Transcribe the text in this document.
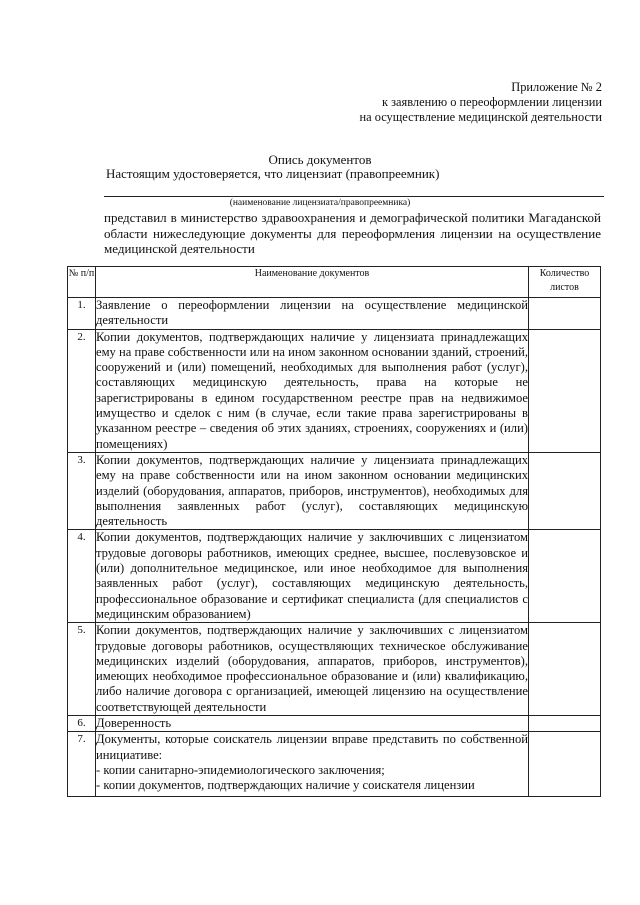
Приложение № 2
к заявлению о переоформлении лицензии
на осуществление медицинской деятельности
Опись документов
Настоящим удостоверяется, что лицензиат (правопреемник)
(наименование лицензиата/правопреемника)
представил в министерство здравоохранения и демографической политики Магаданской области нижеследующие документы для переоформления лицензии на осуществление медицинской деятельности
№ п/п	Наименование документов	Количество листов
1.	Заявление о переоформлении лицензии на осуществление медицинской деятельности	
2.	Копии документов, подтверждающих наличие у лицензиата принадлежащих ему на праве собственности или на ином законном основании зданий, строений, сооружений и (или) помещений, необходимых для выполнения работ (услуг), составляющих медицинскую деятельность, права на которые не зарегистрированы в едином государственном реестре прав на недвижимое имущество и сделок с ним (в случае, если такие права зарегистрированы в указанном реестре – сведения об этих зданиях, строениях, сооружениях и (или) помещениях)	
3.	Копии документов, подтверждающих наличие у лицензиата принадлежащих ему на праве собственности или на ином законном основании медицинских изделий (оборудования, аппаратов, приборов, инструментов), необходимых для выполнения заявленных работ (услуг), составляющих медицинскую деятельность	
4.	Копии документов, подтверждающих наличие у заключивших с лицензиатом трудовые договоры работников, имеющих среднее, высшее, послевузовское и (или) дополнительное медицинское, или иное необходимое для выполнения заявленных работ (услуг), составляющих медицинскую деятельность, профессиональное образование и сертификат специалиста (для специалистов с медицинским образованием)	
5.	Копии документов, подтверждающих наличие у заключивших с лицензиатом трудовые договоры работников, осуществляющих техническое обслуживание медицинских изделий (оборудования, аппаратов, приборов, инструментов), имеющих необходимое профессиональное образование и (или) квалификацию, либо наличие договора с организацией, имеющей лицензию на осуществление соответствующей деятельности	
6.	Доверенность	
7.	Документы, которые соискатель лицензии вправе представить по собственной инициативе:
- копии санитарно-эпидемиологического заключения;
- копии документов, подтверждающих наличие у соискателя лицензии	
